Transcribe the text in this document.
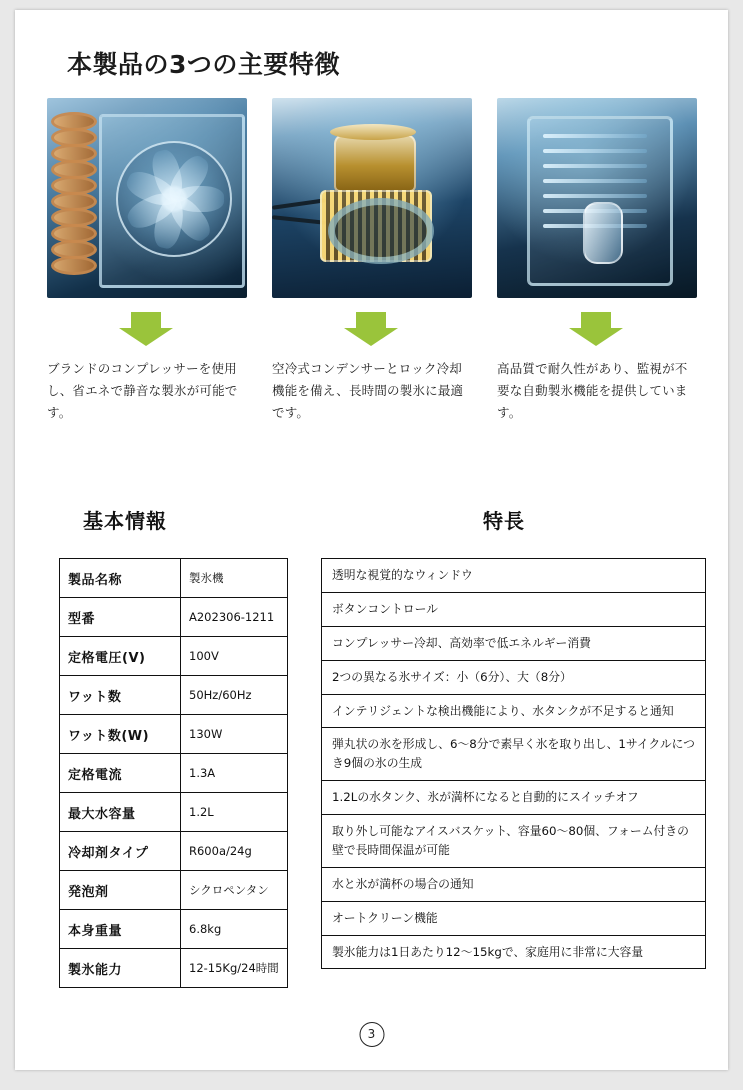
本製品の3つの主要特徴
ブランドのコンプレッサーを使用し、省エネで静音な製氷が可能です。
空冷式コンデンサーとロック冷却機能を備え、長時間の製氷に最適です。
高品質で耐久性があり、監視が不要な自動製氷機能を提供しています。
基本情報	特長
製品名称	製氷機
型番	A202306-1211
定格電圧(V)	100V
ワット数	50Hz/60Hz
ワット数(W)	130W
定格電流	1.3A
最大水容量	1.2L
冷却剤タイプ	R600a/24g
発泡剤	シクロペンタン
本身重量	6.8kg
製氷能力	12-15Kg/24時間
透明な視覚的なウィンドウ
ボタンコントロール
コンプレッサー冷却、高効率で低エネルギー消費
2つの異なる氷サイズ：小（6分）、大（8分）
インテリジェントな検出機能により、水タンクが不足すると通知
弾丸状の氷を形成し、6〜8分で素早く氷を取り出し、1サイクルにつき9個の氷の生成
1.2Lの水タンク、氷が満杯になると自動的にスイッチオフ
取り外し可能なアイスバスケット、容量60〜80個、フォーム付きの壁で長時間保温が可能
水と氷が満杯の場合の通知
オートクリーン機能
製氷能力は1日あたり12〜15kgで、家庭用に非常に大容量
3
